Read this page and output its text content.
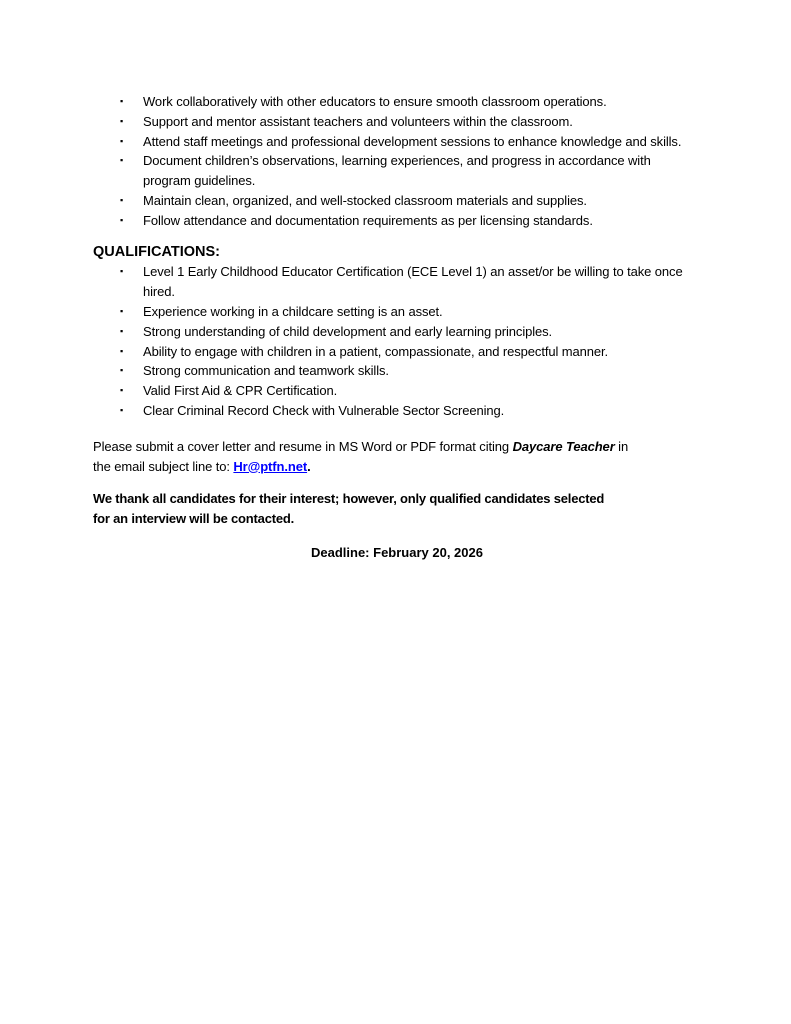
▪	Work collaboratively with other educators to ensure smooth classroom operations.
▪	Support and mentor assistant teachers and volunteers within the classroom.
▪	Attend staff meetings and professional development sessions to enhance knowledge and skills.
▪	Document children’s observations, learning experiences, and progress in accordance with program guidelines.
▪	Maintain clean, organized, and well-stocked classroom materials and supplies.
▪	Follow attendance and documentation requirements as per licensing standards.
QUALIFICATIONS:
▪	Level 1 Early Childhood Educator Certification (ECE Level 1) an asset/or be willing to take once hired.
▪	Experience working in a childcare setting is an asset.
▪	Strong understanding of child development and early learning principles.
▪	Ability to engage with children in a patient, compassionate, and respectful manner.
▪	Strong communication and teamwork skills.
▪	Valid First Aid & CPR Certification.
▪	Clear Criminal Record Check with Vulnerable Sector Screening.

Please submit a cover letter and resume in MS Word or PDF format citing Daycare Teacher in
the email subject line to: Hr@ptfn.net.

We thank all candidates for their interest; however, only qualified candidates selected
for an interview will be contacted.

Deadline: February 20, 2026
